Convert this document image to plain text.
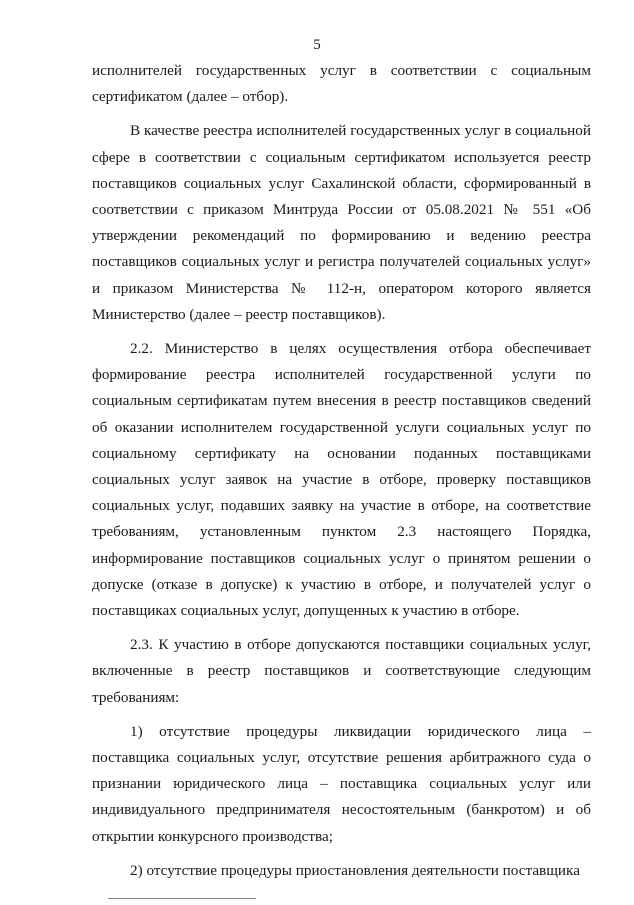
5

исполнителей государственных услуг в соответствии с социальным сертификатом (далее – отбор).

В качестве реестра исполнителей государственных услуг в социальной сфере в соответствии с социальным сертификатом используется реестр поставщиков социальных услуг Сахалинской области, сформированный в соответствии с приказом Минтруда России от 05.08.2021 № 551 «Об утверждении рекомендаций по формированию и ведению реестра поставщиков социальных услуг и регистра получателей социальных услуг» и приказом Министерства № 112-н, оператором которого является Министерство (далее – реестр поставщиков).

2.2. Министерство в целях осуществления отбора обеспечивает формирование реестра исполнителей государственной услуги по социальным сертификатам путем внесения в реестр поставщиков сведений об оказании исполнителем государственной услуги социальных услуг по социальному сертификату на основании поданных поставщиками социальных услуг заявок на участие в отборе, проверку поставщиков социальных услуг, подавших заявку на участие в отборе, на соответствие требованиям, установленным пунктом 2.3 настоящего Порядка, информирование поставщиков социальных услуг о принятом решении о допуске (отказе в допуске) к участию в отборе, и получателей услуг о поставщиках социальных услуг, допущенных к участию в отборе.

2.3. К участию в отборе допускаются поставщики социальных услуг, включенные в реестр поставщиков и соответствующие следующим требованиям:

1) отсутствие процедуры ликвидации юридического лица – поставщика социальных услуг, отсутствие решения арбитражного суда о признании юридического лица – поставщика социальных услуг или индивидуального предпринимателя несостоятельным (банкротом) и об открытии конкурсного производства;

2) отсутствие процедуры приостановления деятельности поставщика
